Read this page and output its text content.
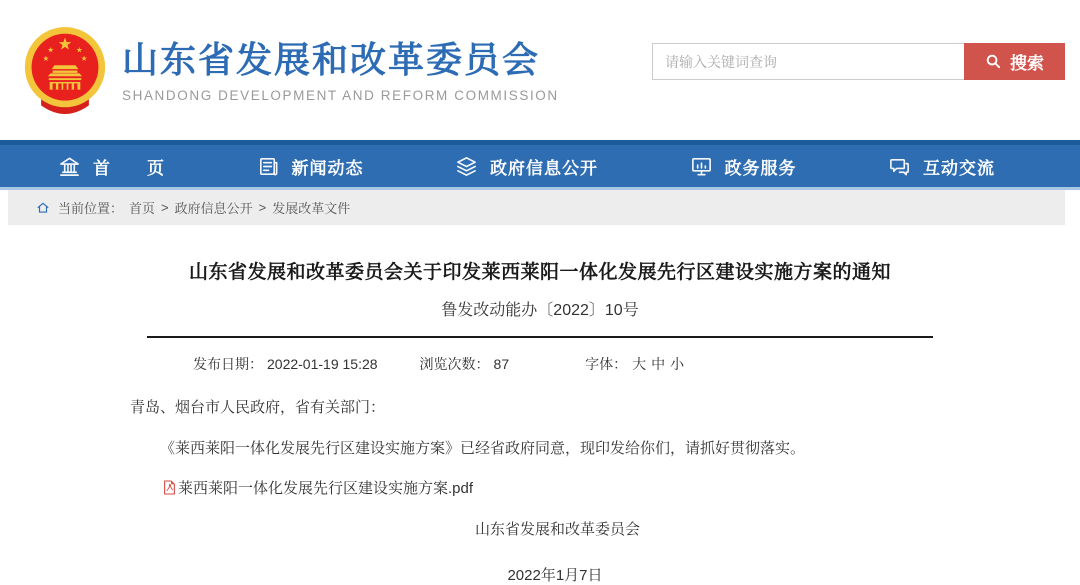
山东省发展和改革委员会
SHANDONG DEVELOPMENT AND REFORM COMMISSION
请输入关键词查询
搜索
首　　页	新闻动态	政府信息公开	政务服务	互动交流
当前位置： 首页 > 政府信息公开 > 发展改革文件
山东省发展和改革委员会关于印发莱西莱阳一体化发展先行区建设实施方案的通知
鲁发改动能办〔2022〕10号
发布日期： 2022-01-19 15:28	浏览次数： 87	字体： 大 中 小

青岛、烟台市人民政府，省有关部门：

《莱西莱阳一体化发展先行区建设实施方案》已经省政府同意，现印发给你们，请抓好贯彻落实。

莱西莱阳一体化发展先行区建设实施方案.pdf

山东省发展和改革委员会

2022年1月7日
